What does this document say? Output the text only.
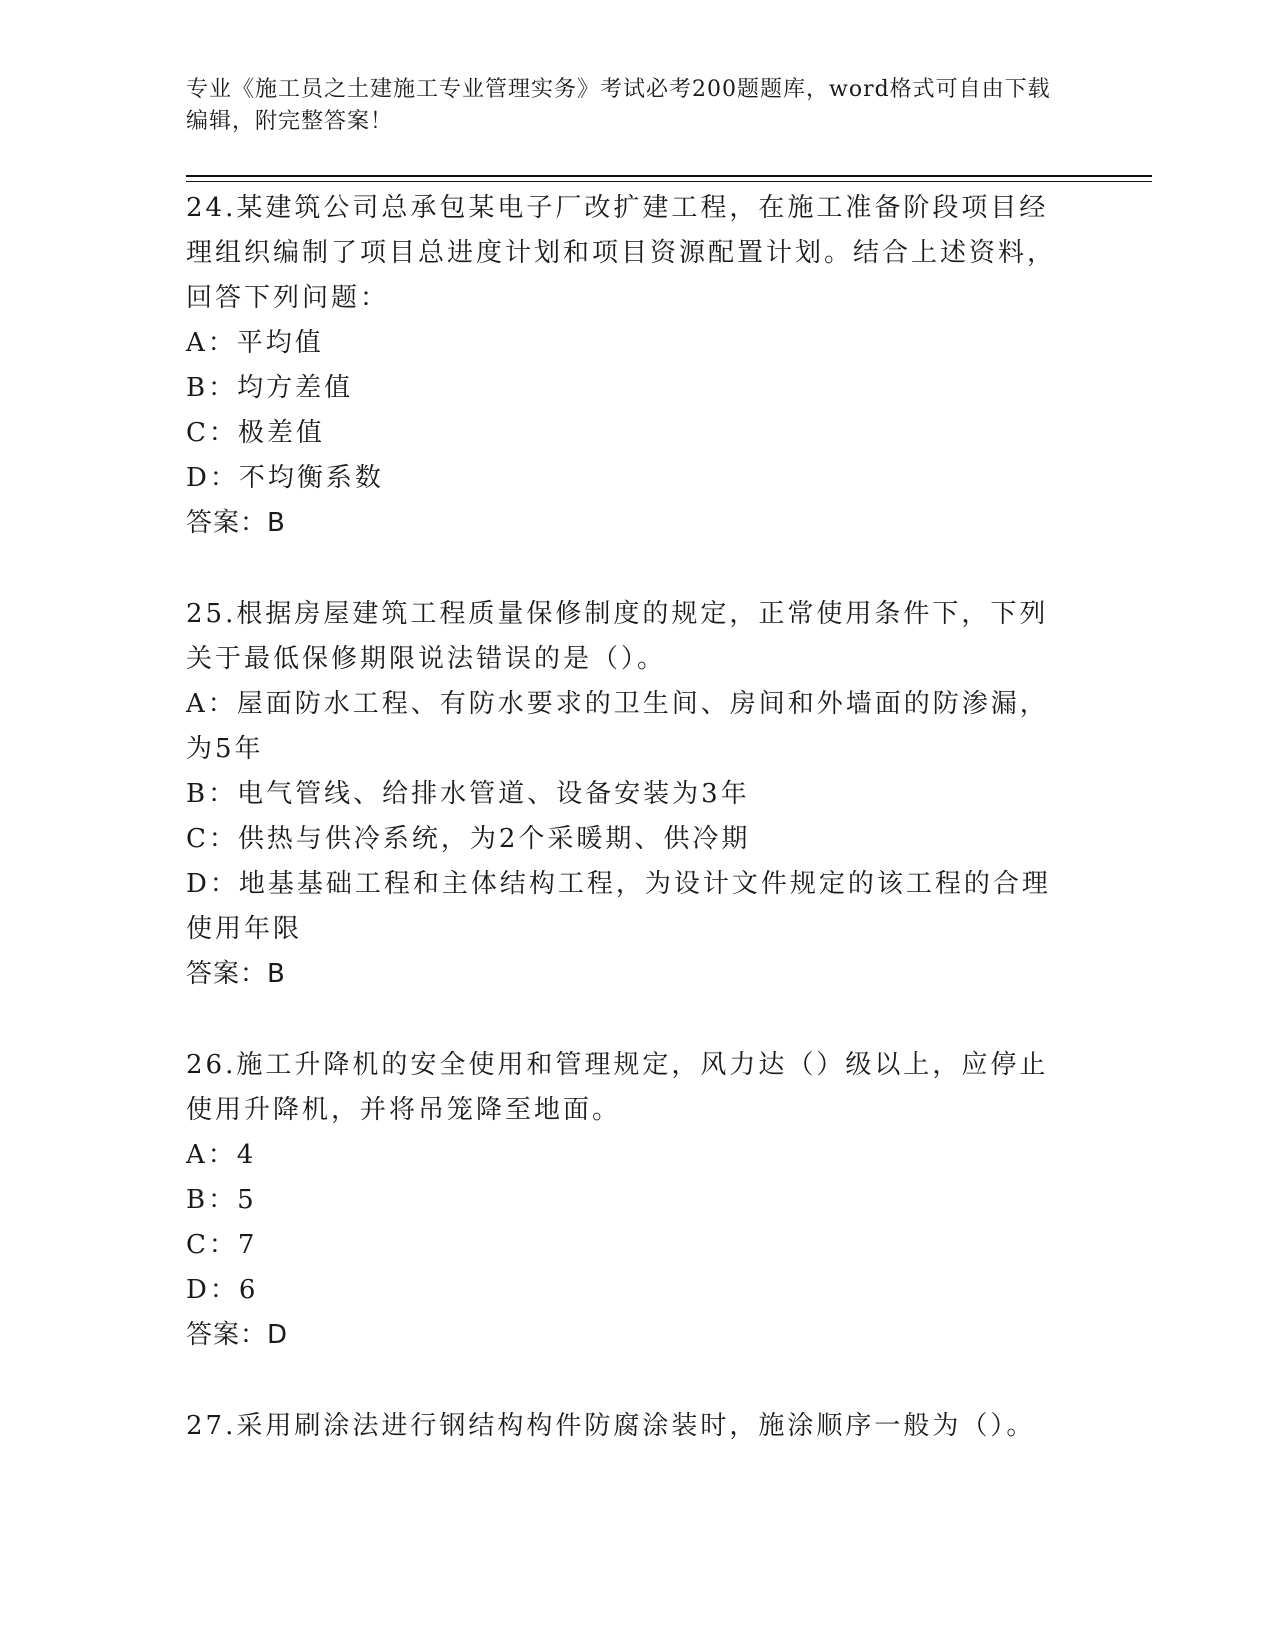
专业《施工员之土建施工专业管理实务》考试必考200题题库，word格式可自由下载编辑，附完整答案！
24.某建筑公司总承包某电子厂改扩建工程，在施工准备阶段项目经理组织编制了项目总进度计划和项目资源配置计划。结合上述资料，回答下列问题：
A：平均值
B：均方差值
C：极差值
D：不均衡系数
答案：B
25.根据房屋建筑工程质量保修制度的规定，正常使用条件下，下列关于最低保修期限说法错误的是（）。
A：屋面防水工程、有防水要求的卫生间、房间和外墙面的防渗漏，为5年
B：电气管线、给排水管道、设备安装为3年
C：供热与供冷系统，为2个采暖期、供冷期
D：地基基础工程和主体结构工程，为设计文件规定的该工程的合理使用年限
答案：B
26.施工升降机的安全使用和管理规定，风力达（）级以上，应停止使用升降机，并将吊笼降至地面。
A：4
B：5
C：7
D：6
答案：D
27.采用刷涂法进行钢结构构件防腐涂装时，施涂顺序一般为（）。
